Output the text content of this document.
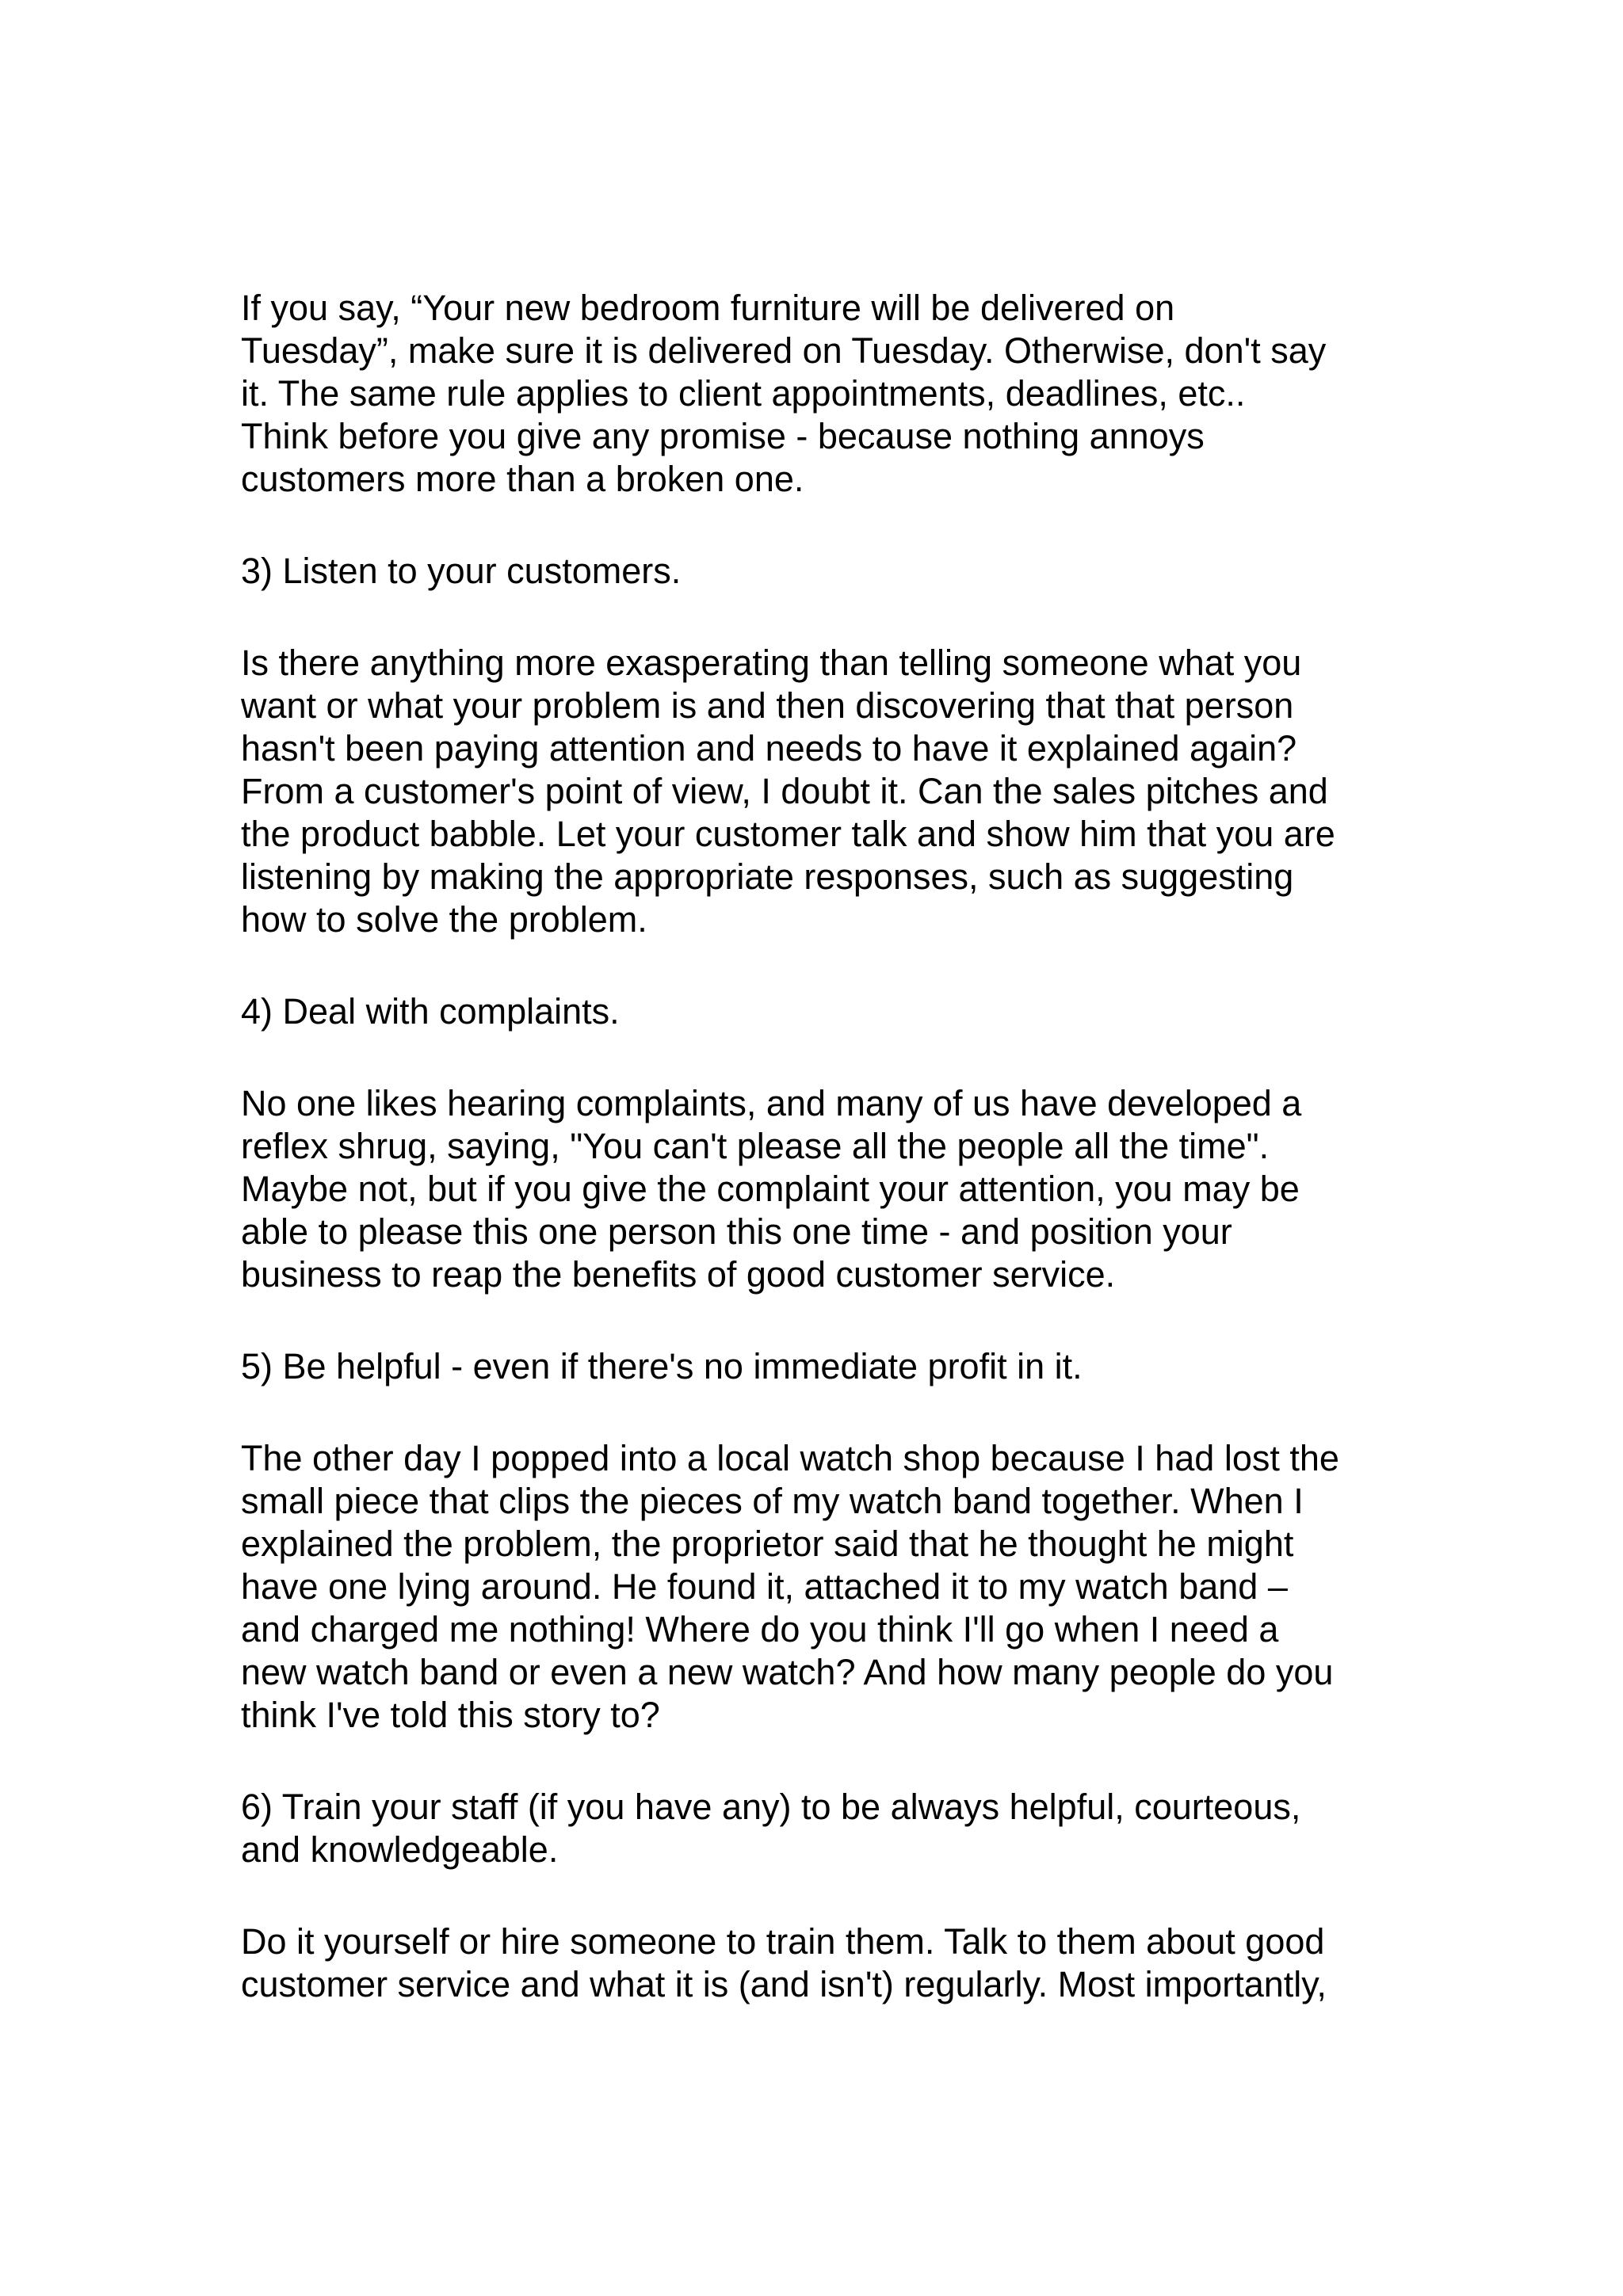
If you say, “Your new bedroom furniture will be delivered on
Tuesday”, make sure it is delivered on Tuesday. Otherwise, don't say
it. The same rule applies to client appointments, deadlines, etc..
Think before you give any promise - because nothing annoys
customers more than a broken one.
3) Listen to your customers.
Is there anything more exasperating than telling someone what you
want or what your problem is and then discovering that that person
hasn't been paying attention and needs to have it explained again?
From a customer's point of view, I doubt it. Can the sales pitches and
the product babble. Let your customer talk and show him that you are
listening by making the appropriate responses, such as suggesting
how to solve the problem.
4) Deal with complaints.
No one likes hearing complaints, and many of us have developed a
reflex shrug, saying, "You can't please all the people all the time".
Maybe not, but if you give the complaint your attention, you may be
able to please this one person this one time - and position your
business to reap the benefits of good customer service.
5) Be helpful - even if there's no immediate profit in it.
The other day I popped into a local watch shop because I had lost the
small piece that clips the pieces of my watch band together. When I
explained the problem, the proprietor said that he thought he might
have one lying around. He found it, attached it to my watch band –
and charged me nothing! Where do you think I'll go when I need a
new watch band or even a new watch? And how many people do you
think I've told this story to?
6) Train your staff (if you have any) to be always helpful, courteous,
and knowledgeable.
Do it yourself or hire someone to train them. Talk to them about good
customer service and what it is (and isn't) regularly. Most importantly,
